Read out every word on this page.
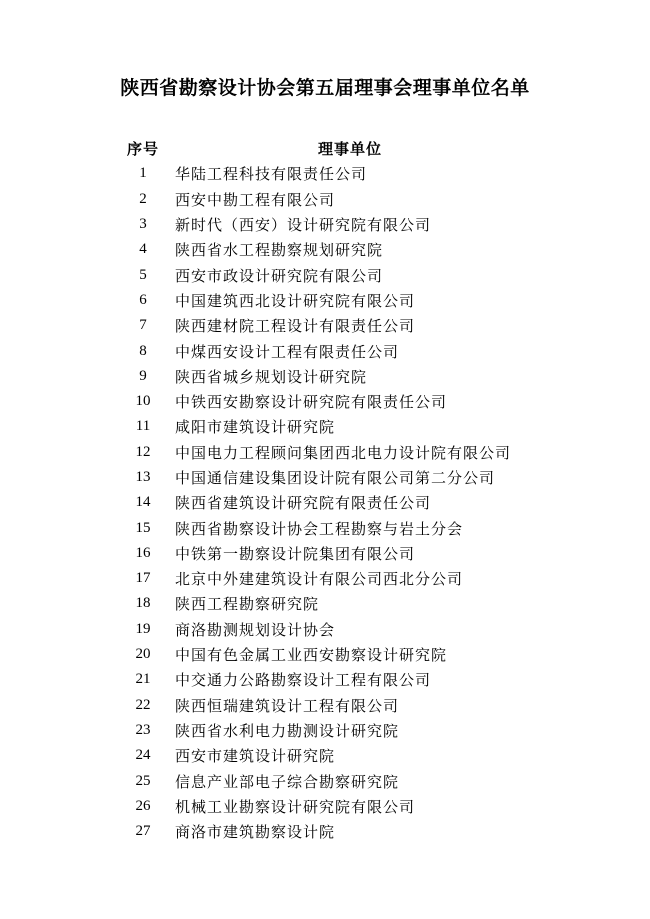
陕西省勘察设计协会第五届理事会理事单位名单
序号	理事单位
1	华陆工程科技有限责任公司
2	西安中勘工程有限公司
3	新时代（西安）设计研究院有限公司
4	陕西省水工程勘察规划研究院
5	西安市政设计研究院有限公司
6	中国建筑西北设计研究院有限公司
7	陕西建材院工程设计有限责任公司
8	中煤西安设计工程有限责任公司
9	陕西省城乡规划设计研究院
10	中铁西安勘察设计研究院有限责任公司
11	咸阳市建筑设计研究院
12	中国电力工程顾问集团西北电力设计院有限公司
13	中国通信建设集团设计院有限公司第二分公司
14	陕西省建筑设计研究院有限责任公司
15	陕西省勘察设计协会工程勘察与岩土分会
16	中铁第一勘察设计院集团有限公司
17	北京中外建建筑设计有限公司西北分公司
18	陕西工程勘察研究院
19	商洛勘测规划设计协会
20	中国有色金属工业西安勘察设计研究院
21	中交通力公路勘察设计工程有限公司
22	陕西恒瑞建筑设计工程有限公司
23	陕西省水利电力勘测设计研究院
24	西安市建筑设计研究院
25	信息产业部电子综合勘察研究院
26	机械工业勘察设计研究院有限公司
27	商洛市建筑勘察设计院
